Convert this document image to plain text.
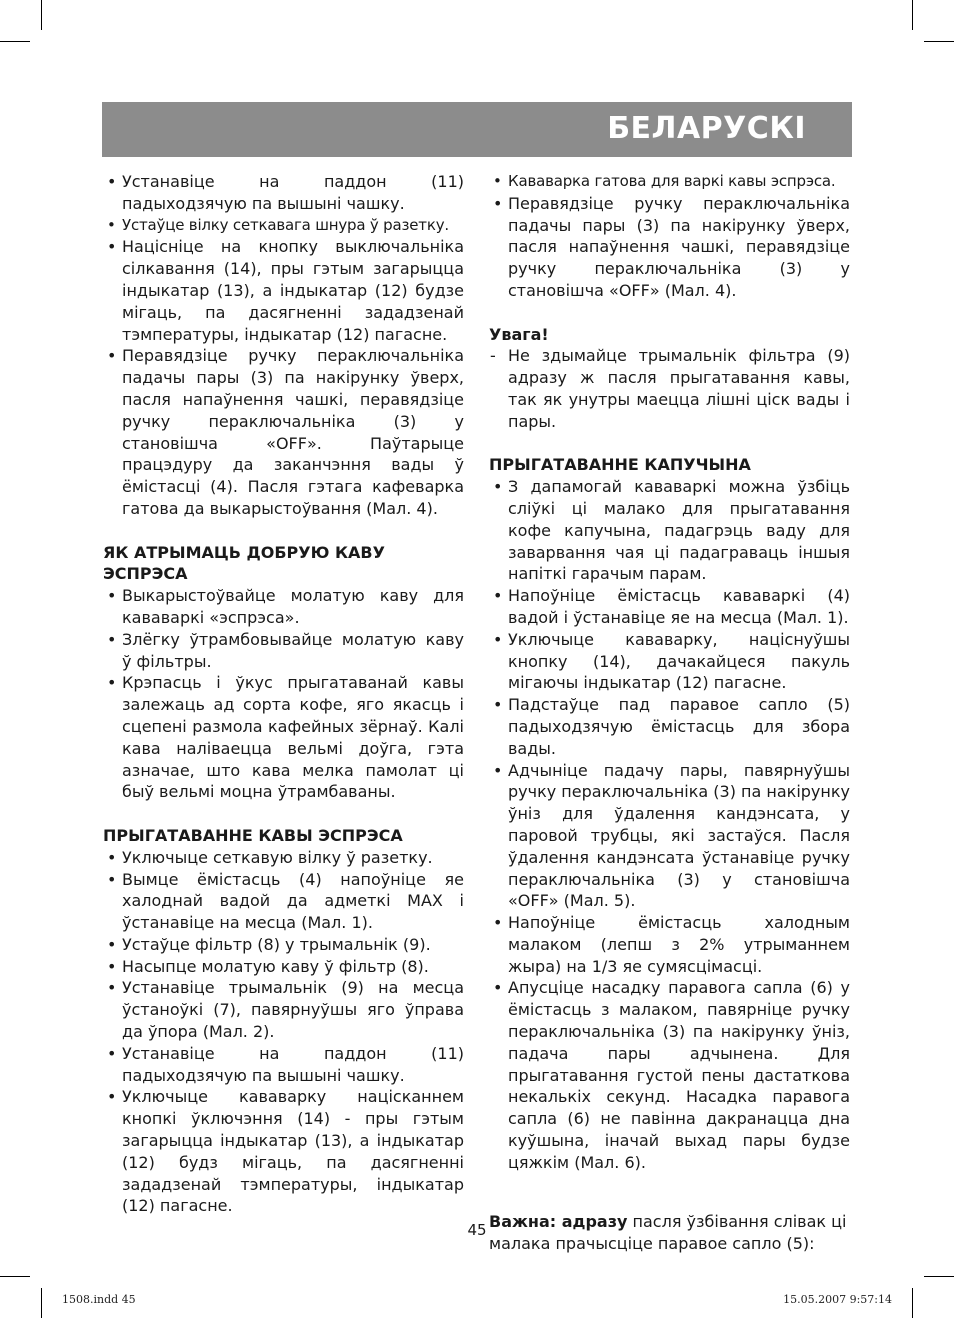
БЕЛАРУСКІ
• Устанавіце на паддон (11) падыходзячую па вышыні чашку.
• Устаўце вілку сеткавага шнура ў разетку.
• Націсніце на кнопку выключальніка сілкавання (14), пры гэтым загарыцца індыкатар (13), а індыкатар (12) будзе мігаць, па дасягненні зададзенай тэмпературы, індыкатар (12) пагасне.
• Перавядзіце ручку пераключальніка падачы пары (3) па накірунку ўверх, пасля напаўнення чашкі, перавядзіце ручку пераключальніка (3) у становішча «OFF». Паўтарыце працэдуру да заканчэння вады ў ёмістасці (4). Пасля гэтага кафеварка гатова да выкарыстоўвання (Мал. 4).

ЯК АТРЫМАЦЬ ДОБРУЮ КАВУ ЭСПРЭСА

• Выкарыстоўвайце молатую каву для кававаркі «эспрэса».
• Злёгку ўтрамбовывайце молатую каву ў фільтры.
• Крэпасць і ўкус прыгатаванай кавы залежаць ад сорта кофе, яго якасць і сцепені размола кафейных зёрнаў. Калі кава наліваецца вельмі доўга, гэта азначае, што кава мелка памолат ці быў вельмі моцна ўтрамбаваны.

ПРЫГАТАВАННЕ КАВЫ ЭСПРЭСА

• Уключыце сеткавую вілку ў разетку.
• Вымце ёмістасць (4) напоўніце яе халоднай вадой да адметкі МАХ і ўстанавіце на месца (Мал. 1).
• Устаўце фільтр (8) у трымальнік (9).
• Насыпце молатую каву ў фільтр (8).
• Устанавіце трымальнік (9) на месца ўстаноўкі (7), павярнуўшы яго ўправа да ўпора (Мал. 2).
• Устанавіце на паддон (11) падыходзячую па вышыні чашку.
• Уключыце кававарку націсканнем кнопкі ўключэння (14) - пры гэтым загарыцца індыкатар (13), а індыкатар (12) будз мігаць, па дасягненні зададзенай тэмпературы, індыкатар (12) пагасне.
• Кававарка гатова для варкі кавы эспрэса.
• Перавядзіце ручку пераключальніка падачы пары (3) па накірунку ўверх, пасля напаўнення чашкі, перавядзіце ручку пераключальніка (3) у становішча «OFF» (Мал. 4).

Увага!

- Не здымайце трымальнік фільтра (9) адразу ж пасля прыгатавання кавы, так як унутры маецца лішні ціск вады і пары.

ПРЫГАТАВАННЕ КАПУЧЫНА

• З дапамогай кававаркі можна ўзбіць слiўкі ці малако для прыгатавання кофе капучына, падагрэць ваду для заварвання чая ці падаграваць іншыя напіткі гарачым парам.
• Напоўніце ёмістасць кававаркі (4) вадой і ўстанавіце яе на месца (Мал. 1).
• Уключыце кававарку, націснуўшы кнопку (14), дачакайцеся пакуль мігаючы індыкатар (12) пагасне.
• Падстаўце пад паравое сапло (5) падыходзячую ёмістасць для збора вады.
• Адчыніце падачу пары, павярнуўшы ручку пераключальніка (3) па накірунку ўніз для ўдалення кандэнсата, у паровой трубцы, які застаўся. Пасля ўдалення кандэнсата ўстанавіце ручку пераключальніка (3) у становішча «OFF» (Мал. 5).
• Напоўніце ёмістасць халодным малаком (лепш з 2% утрыманнем жыра) на 1/3 яе сумясцімасці.
• Апусціце насадку паравога сапла (6) у ёмістасць з малаком, павярніце ручку пераключальніка (3) па накірунку ўніз, падача пары адчынена. Для прыгатавання густой пены дастаткова некалькіх секунд. Насадка паравога сапла (6) не павінна дакранацца дна куўшына, іначай выхад пары будзе цяжкім (Мал. 6).

Важна: адразу пасля ўзбівання слівак ці малака прачысціце паравое сапло (5):

45
1508.indd 45	15.05.2007 9:57:14
